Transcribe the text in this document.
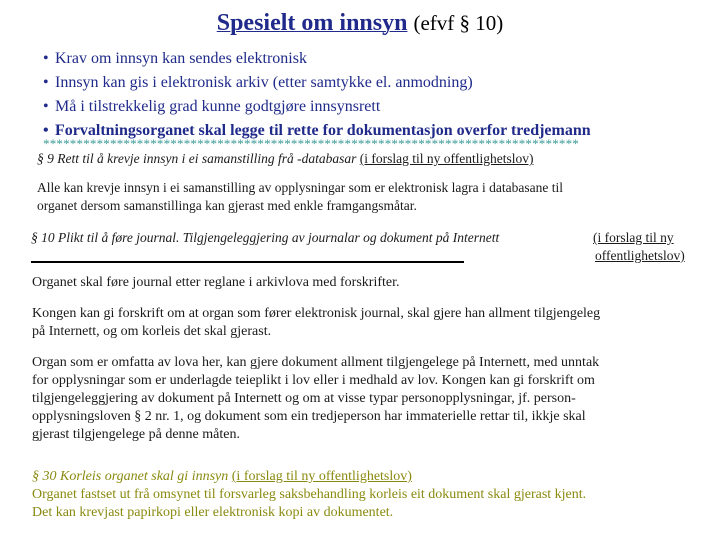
Spesielt om innsyn (efvf § 10)
• Krav om innsyn kan sendes elektronisk
• Innsyn kan gis i elektronisk arkiv (etter samtykke el. anmodning)
• Må i tilstrekkelig grad kunne godtgjøre innsynsrett
• Forvaltningsorganet skal legge til rette for dokumentasjon overfor tredjemann
********************************************************************************
§ 9 Rett til å krevje innsyn i ei samanstilling frå -databasar (i forslag til ny offentlighetslov)
Alle kan krevje innsyn i ei samanstilling av opplysningar som er elektronisk lagra i databasane til
organet dersom samanstillinga kan gjerast med enkle framgangsmåtar.
§ 10 Plikt til å føre journal. Tilgjengeleggjering av journalar og dokument på Internett	(i forslag til ny
offentlighetslov)
Organet skal føre journal etter reglane i arkivlova med forskrifter.
Kongen kan gi forskrift om at organ som fører elektronisk journal, skal gjere han allment tilgjengeleg
på Internett, og om korleis det skal gjerast.
Organ som er omfatta av lova her, kan gjere dokument allment tilgjengelege på Internett, med unntak
for opplysningar som er underlagde teieplikt i lov eller i medhald av lov. Kongen kan gi forskrift om
tilgjengeleggjering av dokument på Internett og om at visse typar personopplysningar, jf. person-
opplysningsloven § 2 nr. 1, og dokument som ein tredjeperson har immaterielle rettar til, ikkje skal
gjerast tilgjengelege på denne måten.
§ 30 Korleis organet skal gi innsyn (i forslag til ny offentlighetslov)
Organet fastset ut frå omsynet til forsvarleg saksbehandling korleis eit dokument skal gjerast kjent.
Det kan krevjast papirkopi eller elektronisk kopi av dokumentet.
